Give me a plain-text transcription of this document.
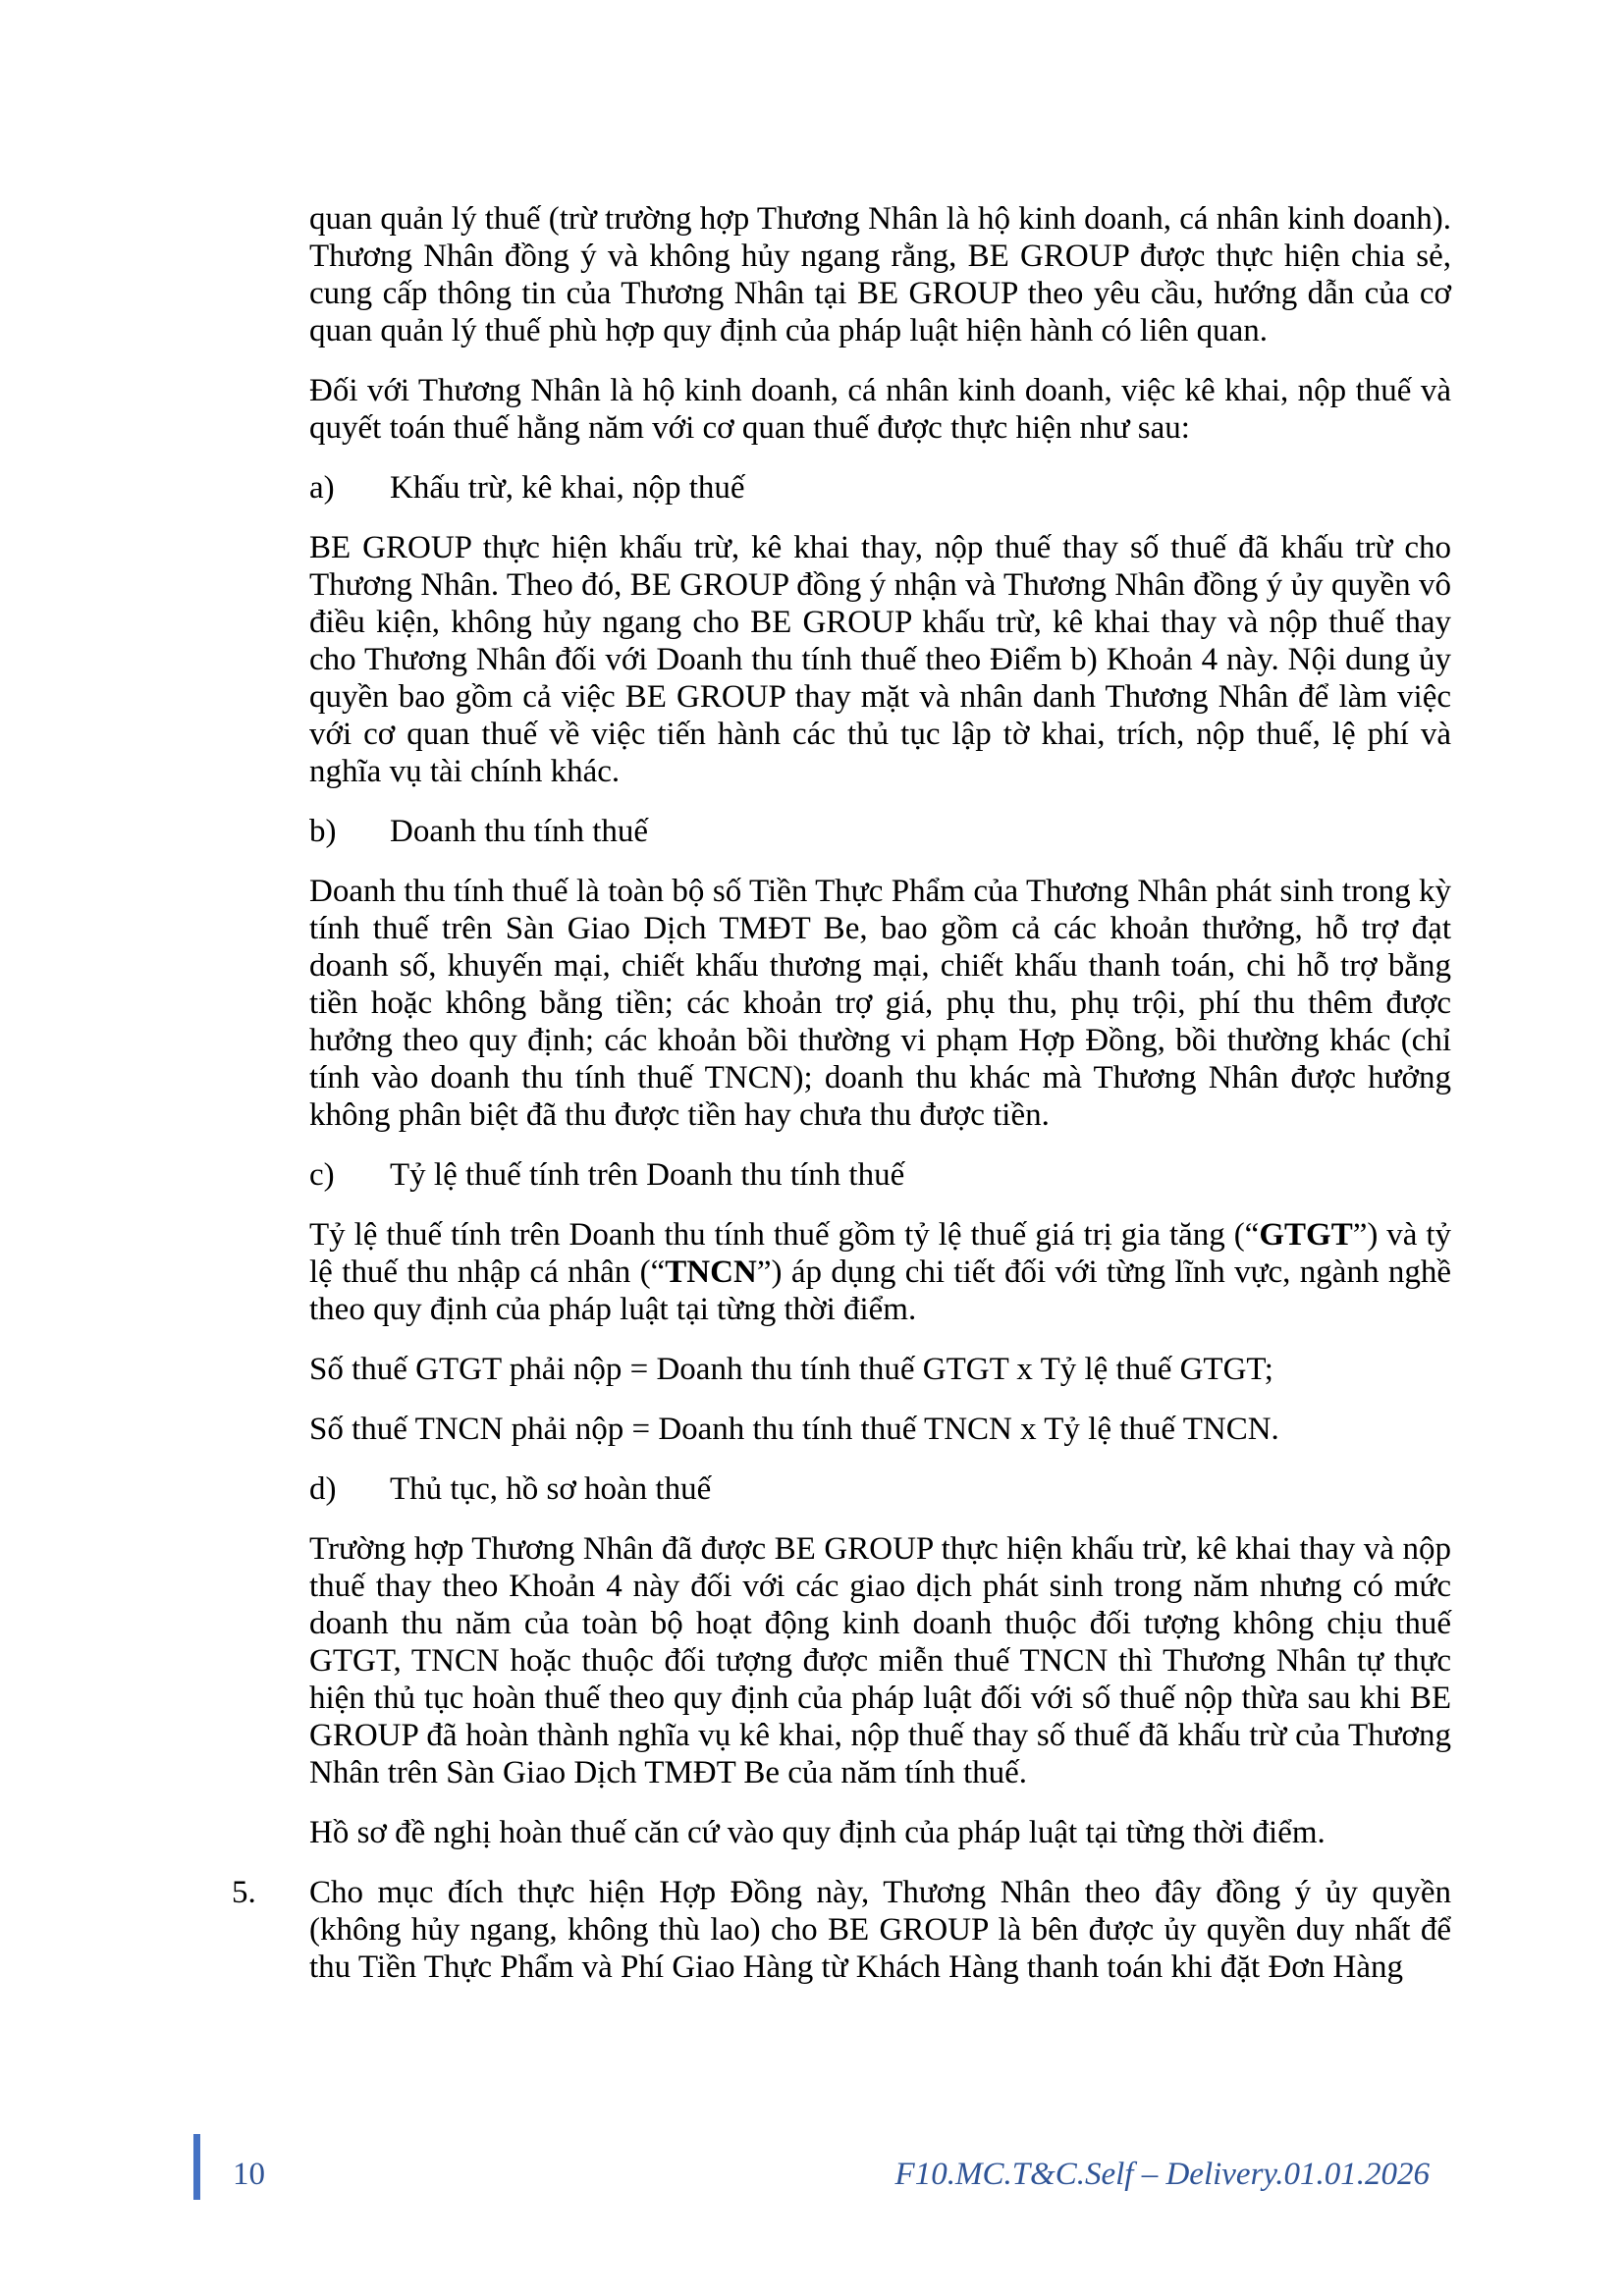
quan quản lý thuế (trừ trường hợp Thương Nhân là hộ kinh doanh, cá nhân kinh doanh). Thương Nhân đồng ý và không hủy ngang rằng, BE GROUP được thực hiện chia sẻ, cung cấp thông tin của Thương Nhân tại BE GROUP theo yêu cầu, hướng dẫn của cơ quan quản lý thuế phù hợp quy định của pháp luật hiện hành có liên quan.

Đối với Thương Nhân là hộ kinh doanh, cá nhân kinh doanh, việc kê khai, nộp thuế và quyết toán thuế hằng năm với cơ quan thuế được thực hiện như sau:

a) Khấu trừ, kê khai, nộp thuế

BE GROUP thực hiện khấu trừ, kê khai thay, nộp thuế thay số thuế đã khấu trừ cho Thương Nhân. Theo đó, BE GROUP đồng ý nhận và Thương Nhân đồng ý ủy quyền vô điều kiện, không hủy ngang cho BE GROUP khấu trừ, kê khai thay và nộp thuế thay cho Thương Nhân đối với Doanh thu tính thuế theo Điểm b) Khoản 4 này. Nội dung ủy quyền bao gồm cả việc BE GROUP thay mặt và nhân danh Thương Nhân để làm việc với cơ quan thuế về việc tiến hành các thủ tục lập tờ khai, trích, nộp thuế, lệ phí và nghĩa vụ tài chính khác.

b) Doanh thu tính thuế

Doanh thu tính thuế là toàn bộ số Tiền Thực Phẩm của Thương Nhân phát sinh trong kỳ tính thuế trên Sàn Giao Dịch TMĐT Be, bao gồm cả các khoản thưởng, hỗ trợ đạt doanh số, khuyến mại, chiết khấu thương mại, chiết khấu thanh toán, chi hỗ trợ bằng tiền hoặc không bằng tiền; các khoản trợ giá, phụ thu, phụ trội, phí thu thêm được hưởng theo quy định; các khoản bồi thường vi phạm Hợp Đồng, bồi thường khác (chỉ tính vào doanh thu tính thuế TNCN); doanh thu khác mà Thương Nhân được hưởng không phân biệt đã thu được tiền hay chưa thu được tiền.

c) Tỷ lệ thuế tính trên Doanh thu tính thuế

Tỷ lệ thuế tính trên Doanh thu tính thuế gồm tỷ lệ thuế giá trị gia tăng (“GTGT”) và tỷ lệ thuế thu nhập cá nhân (“TNCN”) áp dụng chi tiết đối với từng lĩnh vực, ngành nghề theo quy định của pháp luật tại từng thời điểm.

Số thuế GTGT phải nộp = Doanh thu tính thuế GTGT x Tỷ lệ thuế GTGT;

Số thuế TNCN phải nộp = Doanh thu tính thuế TNCN x Tỷ lệ thuế TNCN.

d) Thủ tục, hồ sơ hoàn thuế

Trường hợp Thương Nhân đã được BE GROUP thực hiện khấu trừ, kê khai thay và nộp thuế thay theo Khoản 4 này đối với các giao dịch phát sinh trong năm nhưng có mức doanh thu năm của toàn bộ hoạt động kinh doanh thuộc đối tượng không chịu thuế GTGT, TNCN hoặc thuộc đối tượng được miễn thuế TNCN thì Thương Nhân tự thực hiện thủ tục hoàn thuế theo quy định của pháp luật đối với số thuế nộp thừa sau khi BE GROUP đã hoàn thành nghĩa vụ kê khai, nộp thuế thay số thuế đã khấu trừ của Thương Nhân trên Sàn Giao Dịch TMĐT Be của năm tính thuế.

Hồ sơ đề nghị hoàn thuế căn cứ vào quy định của pháp luật tại từng thời điểm.

5. Cho mục đích thực hiện Hợp Đồng này, Thương Nhân theo đây đồng ý ủy quyền (không hủy ngang, không thù lao) cho BE GROUP là bên được ủy quyền duy nhất để thu Tiền Thực Phẩm và Phí Giao Hàng từ Khách Hàng thanh toán khi đặt Đơn Hàng

10	F10.MC.T&C.Self – Delivery.01.01.2026
